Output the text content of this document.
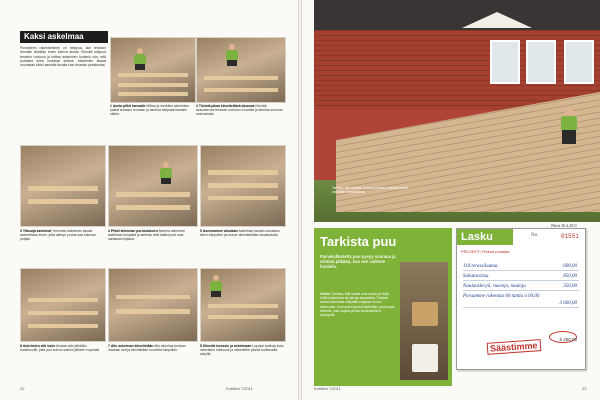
Kaksi askelmaa
Porrasteen rakentaminen on helppoa, kun terassin reunalle tehdään ensin tukeva alusta. Kiinnitä tukipuut terassin runkoon ja mittaa askelmien korkeus niin, että portaista tulee mukavat kulkea. Askelmien laudat ruuvataan kiinni samalla tavalla kuin terassin pintalaudat.
1 Aseta pilkit kannalle Mittaa ja merkitse askelmien paikat terassin reunaan ja asenna tukipalat tasaisin välein.
2 Tiivistä jakaa kiinnitettävä alusmat Kiinnitä alusrakenne terassin runkoon ruuveilla ja tarkista suoruus vesivaa'alla.
3 Yläsarja askelmat Ylemmän askelman laudat asennetaan ensin, jotta alempi porras saa tukevan pohjan.
4 Pilkki alemman porrastuksen Asenna alemman askelman tukipalat ja tarkista, että kaikki puut ovat samassa linjassa.
5 Asennamme alustaan Askelman laudat ruuvataan kiinni tukipuihin ja reunat viimeistellään otsalaudalla.
6 Askelmien alle tulee Alustan alle jätetään tuuletusväli, jotta puu kuivuu sateen jälkeen nopeasti.
7 Alin askelman kiinnitetään Alin askelma tuetaan maahan asti ja kiinnitetään ruuveilla tukipuihin.
8 Kiinnitä terassin ja askelmaan Lopuksi tarkista koko rakenteen tukevuus ja viimeistele pinnat kuultavalla sävyllä.
22	Kotiliesi 7/2011
Tarkista, että terassin reuna on suora ja tukeva ennen portaiden rakentamista.
Tarkista puu
Painekyllästetty puu pysyy suorana ja siistinä pitkään, kun sen valitsee huolella.
Vinkki: Tarkista, että laudat ovat suoria ja ehjiä. Vältä halkeilevia tai kieroja kappaleita. Puhtaat laudat kannattaa säilyttää suojassa ennen asennusta. Kuivuneet laudat käsitellään puunsuoja-aineella, joka suojaa pintaa kosteudelta ja auringolta.
Päivä 20.4.2011
Lasku	No.	01551
PROJEKTI Terassi portailla
110 terassilautaa	600,00
Sahatavaraa	850,00
Naulauslevyä, ruuveja, nauloja	350,00
Poraamme rakentaa 60 tuntia à 60,00
3 600,00
Säästimme
5 400,00
Kotiliesi 7/2011	23
